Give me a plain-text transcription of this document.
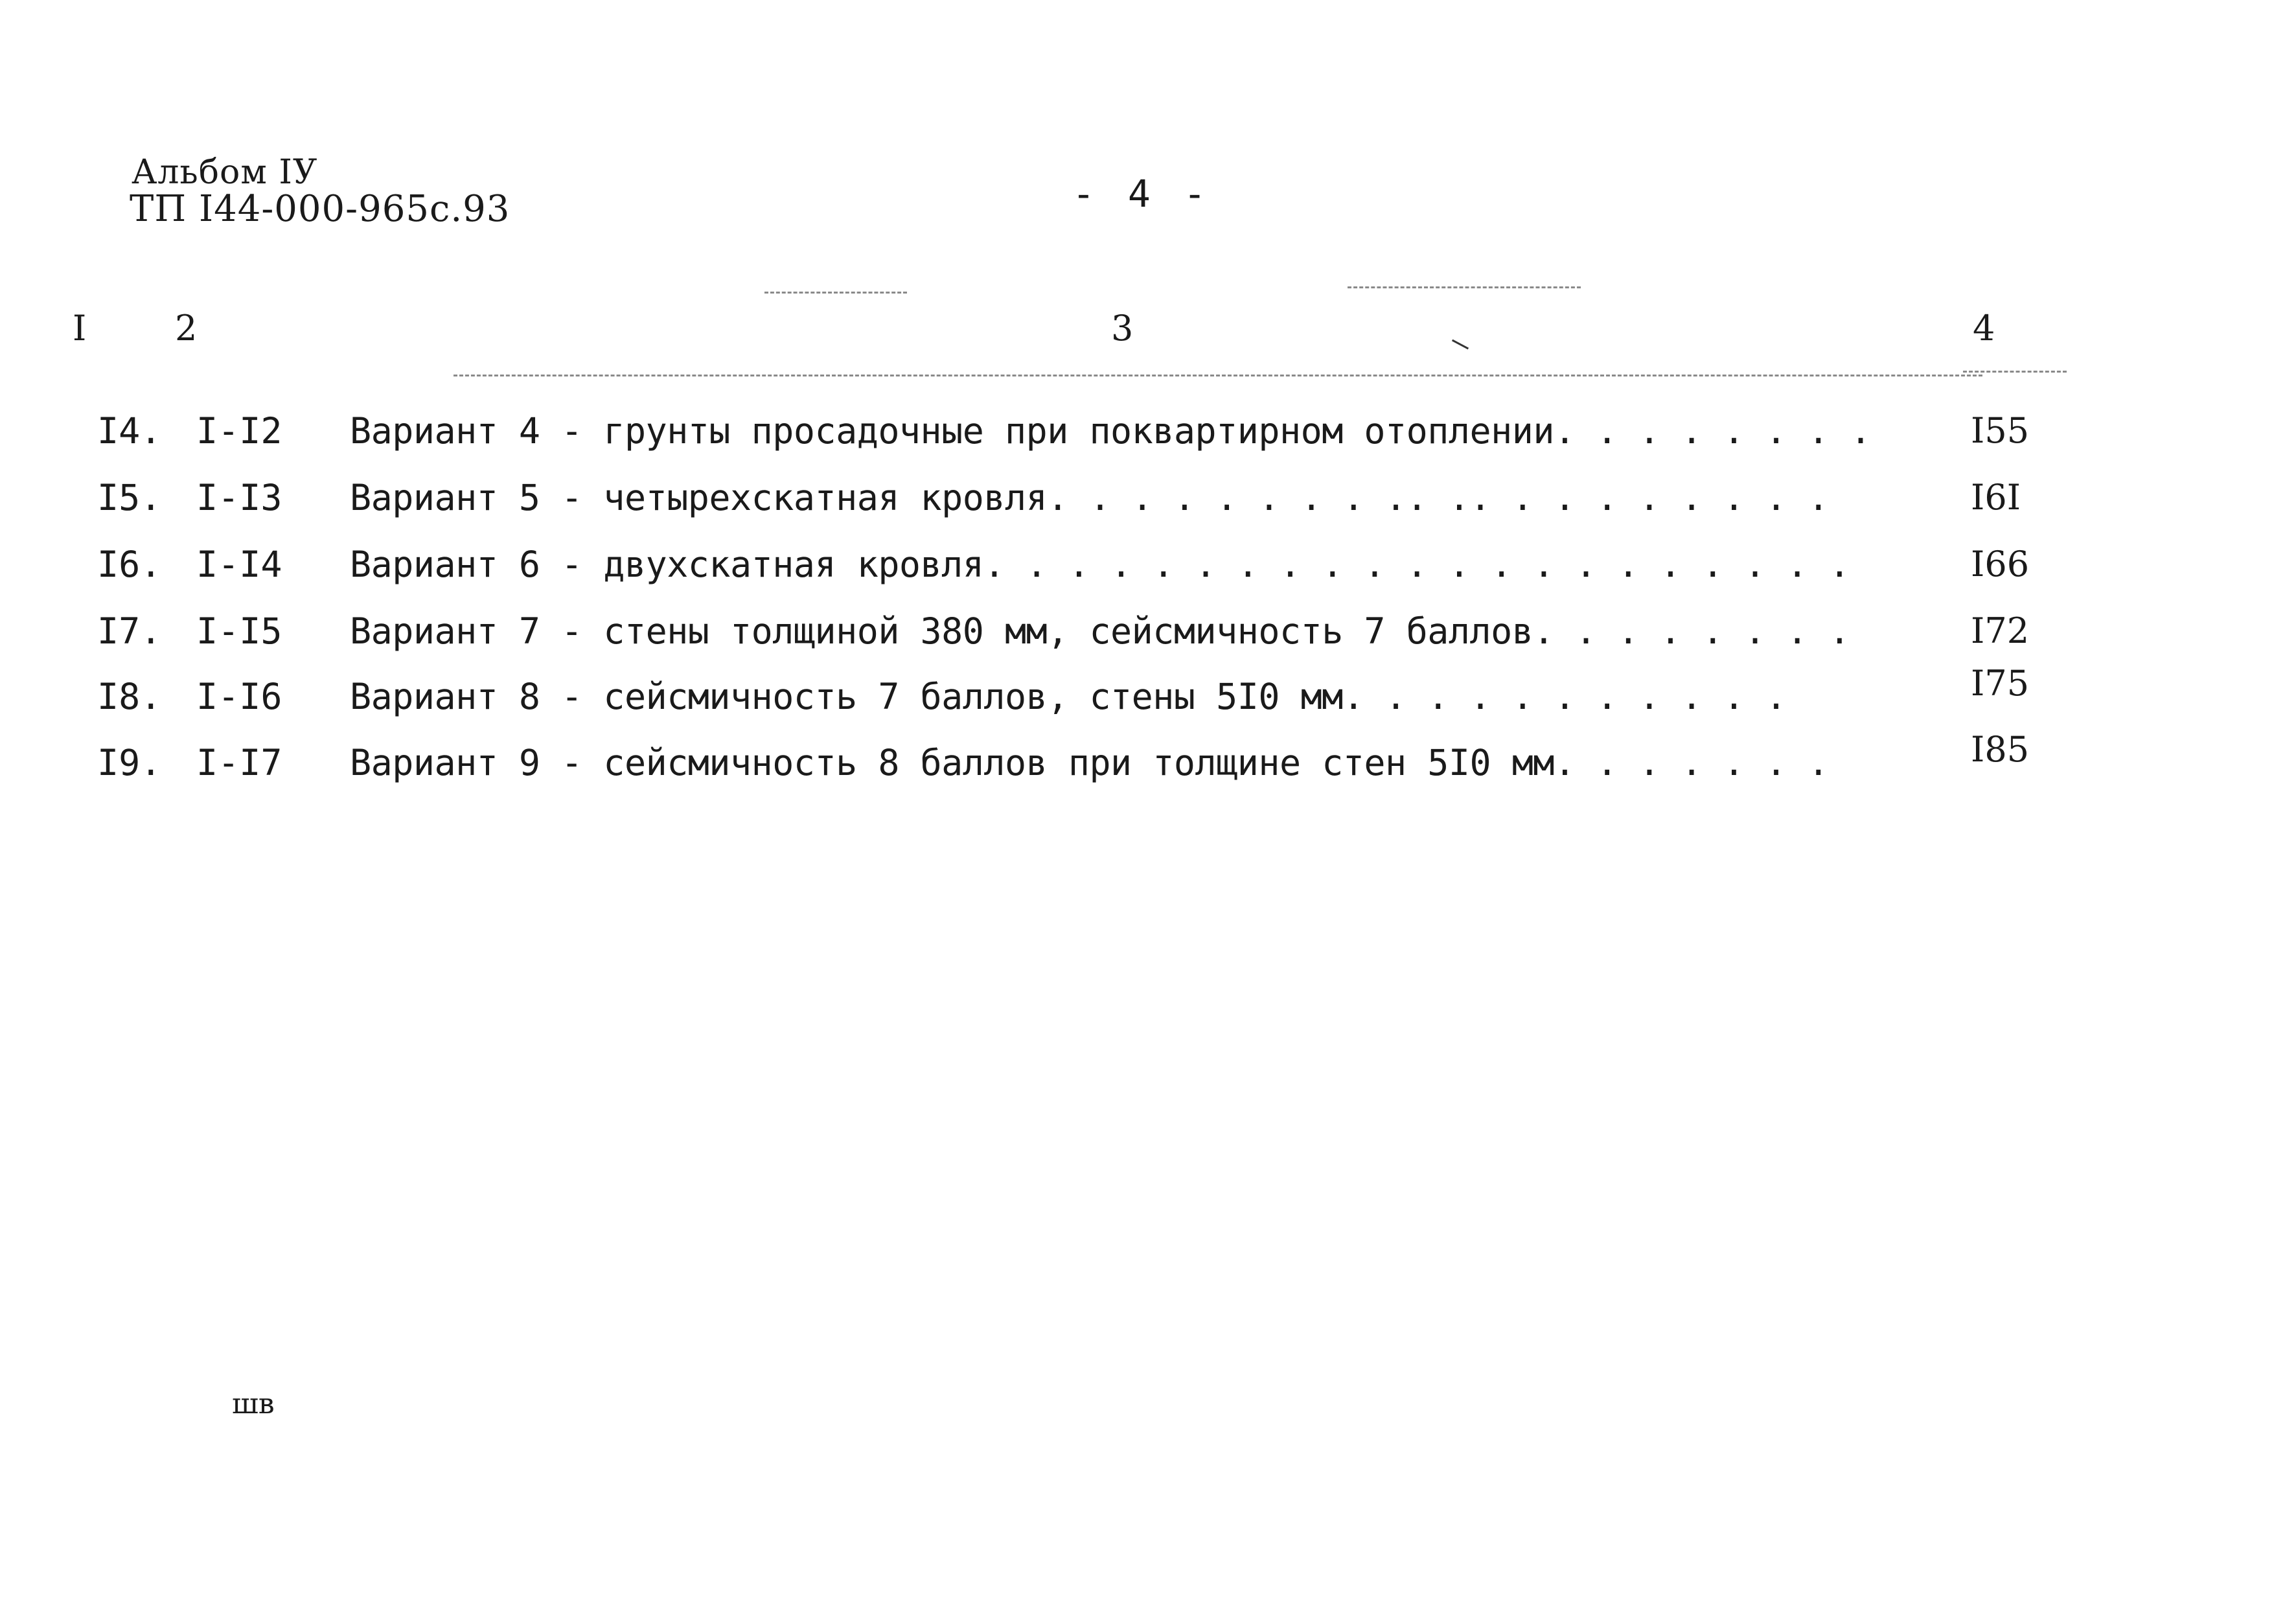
Альбом IУ
ТП I44-000-965с.93	- 4 -
I	2	3	4
I4. I-I2 Вариант 4 - грунты просадочные при поквартирном отоплении. . . . . . . .	I55
I5. I-I3 Вариант 5 - четырехскатная кровля. . . . . . . . .. .. . . . . . . . .	I6I
I6. I-I4 Вариант 6 - двухскатная кровля. . . . . . . . . . . . . . . . . . . . .	I66
I7. I-I5 Вариант 7 - стены толщиной 380 мм, сейсмичность 7 баллов. . . . . . . .	I72
I8. I-I6 Вариант 8 - сейсмичность 7 баллов, стены 5I0 мм. . . . . . . . . . .	I75
I9. I-I7 Вариант 9 - сейсмичность 8 баллов при толщине стен 5I0 мм. . . . . . .	I85
шв
